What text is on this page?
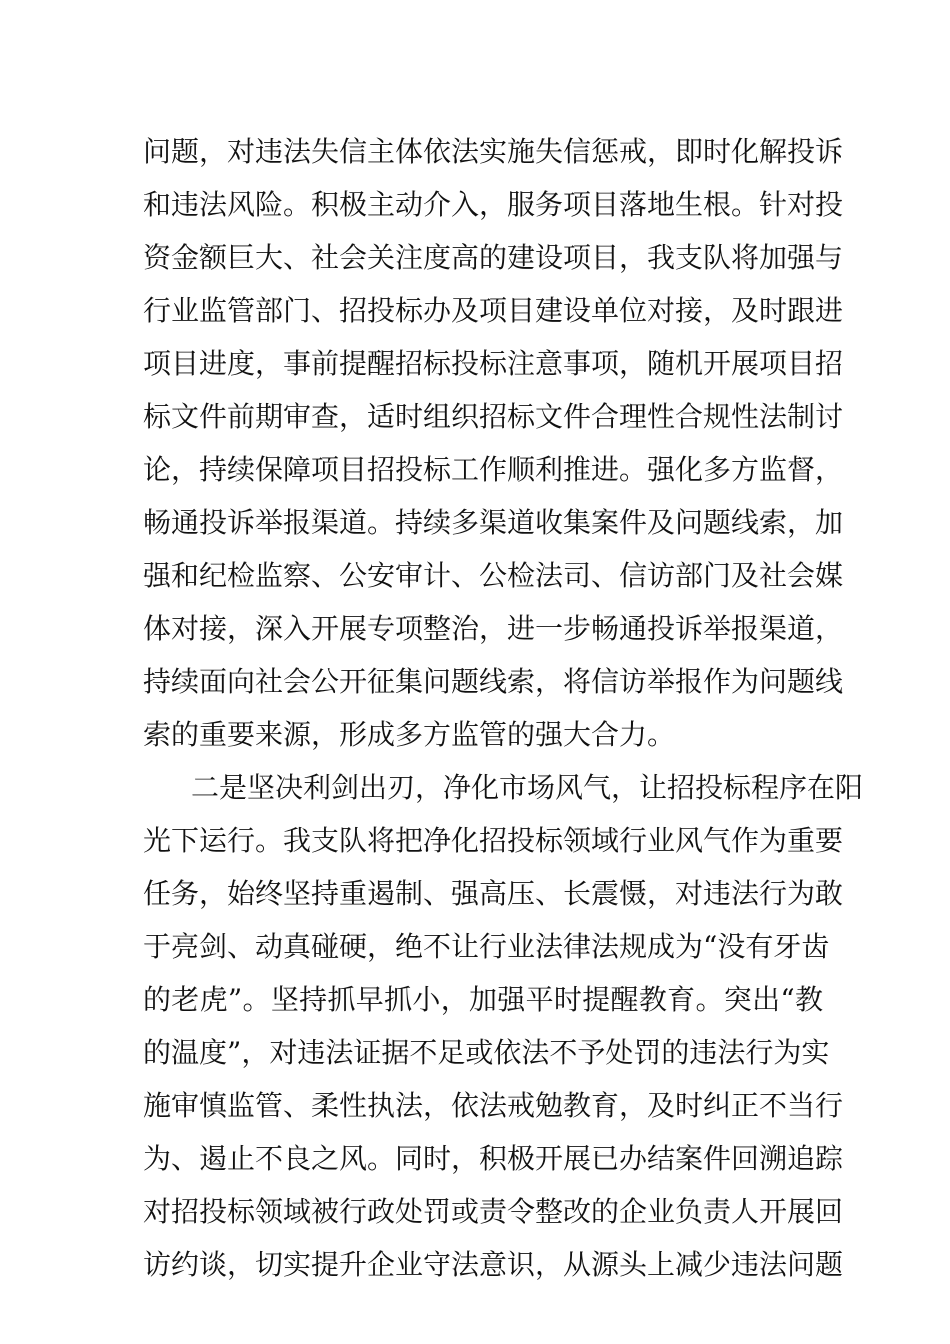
问题，对违法失信主体依法实施失信惩戒，即时化解投诉
和违法风险。积极主动介入，服务项目落地生根。针对投
资金额巨大、社会关注度高的建设项目，我支队将加强与
行业监管部门、招投标办及项目建设单位对接，及时跟进
项目进度，事前提醒招标投标注意事项，随机开展项目招
标文件前期审查，适时组织招标文件合理性合规性法制讨
论，持续保障项目招投标工作顺利推进。强化多方监督，
畅通投诉举报渠道。持续多渠道收集案件及问题线索，加
强和纪检监察、公安审计、公检法司、信访部门及社会媒
体对接，深入开展专项整治，进一步畅通投诉举报渠道，
持续面向社会公开征集问题线索，将信访举报作为问题线
索的重要来源，形成多方监管的强大合力。
二是坚决利剑出刃，净化市场风气，让招投标程序在阳
光下运行。我支队将把净化招投标领域行业风气作为重要
任务，始终坚持重遏制、强高压、长震慑，对违法行为敢
于亮剑、动真碰硬，绝不让行业法律法规成为“没有牙齿
的老虎”。坚持抓早抓小，加强平时提醒教育。突出“教
的温度”，对违法证据不足或依法不予处罚的违法行为实
施审慎监管、柔性执法，依法戒勉教育，及时纠正不当行
为、遏止不良之风。同时，积极开展已办结案件回溯追踪
对招投标领域被行政处罚或责令整改的企业负责人开展回
访约谈，切实提升企业守法意识，从源头上减少违法问题
